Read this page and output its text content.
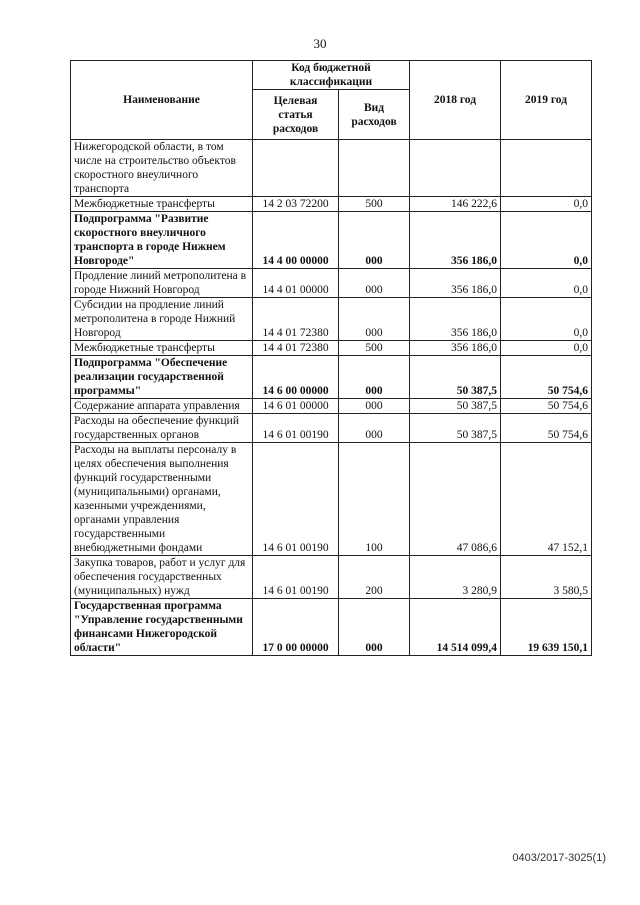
30
Наименование	Код бюджетной классификации		2018 год	2019 год
	Целевая статья расходов	Вид расходов		
Нижегородской области, в том числе на строительство объектов скоростного внеуличного транспорта				
Межбюджетные трансферты	14 2 03 72200	500	146 222,6	0,0
Подпрограмма "Развитие скоростного внеуличного транспорта в городе Нижнем Новгороде"	14 4 00 00000	000	356 186,0	0,0
Продление линий метрополитена в городе Нижний Новгород	14 4 01 00000	000	356 186,0	0,0
Субсидии на продление линий метрополитена в городе Нижний Новгород	14 4 01 72380	000	356 186,0	0,0
Межбюджетные трансферты	14 4 01 72380	500	356 186,0	0,0
Подпрограмма "Обеспечение реализации государственной программы"	14 6 00 00000	000	50 387,5	50 754,6
Содержание аппарата управления	14 6 01 00000	000	50 387,5	50 754,6
Расходы на обеспечение функций государственных органов	14 6 01 00190	000	50 387,5	50 754,6
Расходы на выплаты персоналу в целях обеспечения выполнения функций государственными (муниципальными) органами, казенными учреждениями, органами управления государственными внебюджетными фондами	14 6 01 00190	100	47 086,6	47 152,1
Закупка товаров, работ и услуг для обеспечения государственных (муниципальных) нужд	14 6 01 00190	200	3 280,9	3 580,5
Государственная программа "Управление государственными финансами Нижегородской области"	17 0 00 00000	000	14 514 099,4	19 639 150,1
0403/2017-3025(1)
